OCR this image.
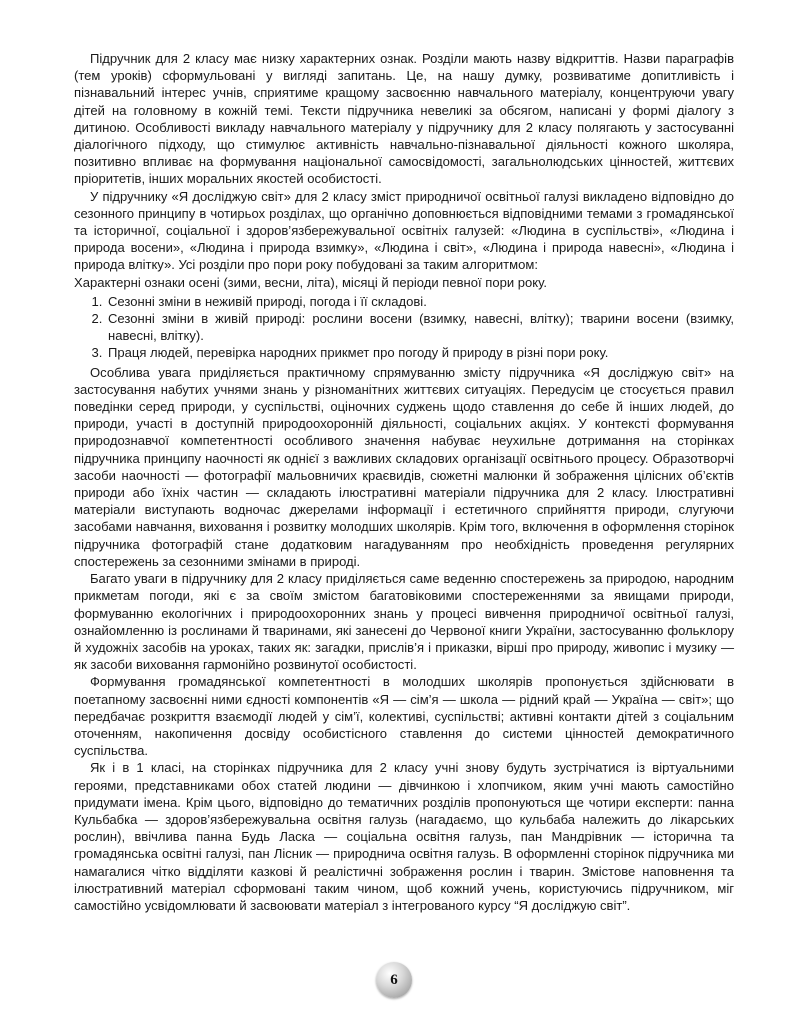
Підручник для 2 класу має низку характерних ознак. Розділи мають назву відкриттів. Назви параграфів (тем уроків) сформульовані у вигляді запитань. Це, на нашу думку, розвиватиме допитливість і пізнавальний інтерес учнів, сприятиме кращому засвоєнню навчального матеріалу, концентруючи увагу дітей на головному в кожній темі. Тексти підручника невеликі за обсягом, написані у формі діалогу з дитиною. Особливості викладу навчального матеріалу у підручнику для 2 класу полягають у застосуванні діалогічного підходу, що стимулює активність навчально-пізнавальної діяльності кожного школяра, позитивно впливає на формування національної самосвідомості, загальнолюдських цінностей, життєвих пріоритетів, інших моральних якостей особистості.

У підручнику «Я досліджую світ» для 2 класу зміст природничої освітньої галузі викладено відповідно до сезонного принципу в чотирьох розділах, що органічно доповнюється відповідними темами з громадянської та історичної, соціальної і здоров’язбережувальної освітніх галузей: «Людина в суспільстві», «Людина і природа восени», «Людина і природа взимку», «Людина і світ», «Людина і природа навесні», «Людина і природа влітку». Усі розділи про пори року побудовані за таким алгоритмом:

Характерні ознаки осені (зими, весни, літа), місяці й періоди певної пори року.

1. Сезонні зміни в неживій природі, погода і її складові.
2. Сезонні зміни в живій природі: рослини восени (взимку, навесні, влітку); тварини восени (взимку, навесні, влітку).
3. Праця людей, перевірка народних прикмет про погоду й природу в різні пори року.

Особлива увага приділяється практичному спрямуванню змісту підручника «Я досліджую світ» на застосування набутих учнями знань у різноманітних життєвих ситуаціях. Передусім це стосується правил поведінки серед природи, у суспільстві, оціночних суджень щодо ставлення до себе й інших людей, до природи, участі в доступній природоохоронній діяльності, соціальних акціях. У контексті формування природознавчої компетентності особливого значення набуває неухильне дотримання на сторінках підручника принципу наочності як однієї з важливих складових організації освітнього процесу. Образотворчі засоби наочності — фотографії мальовничих краєвидів, сюжетні малюнки й зображення цілісних об’єктів природи або їхніх частин — складають ілюстративні матеріали підручника для 2 класу. Ілюстративні матеріали виступають водночас джерелами інформації і естетичного сприйняття природи, слугуючи засобами навчання, виховання і розвитку молодших школярів. Крім того, включення в оформлення сторінок підручника фотографій стане додатковим нагадуванням про необхідність проведення регулярних спостережень за сезонними змінами в природі.

Багато уваги в підручнику для 2 класу приділяється саме веденню спостережень за природою, народним прикметам погоди, які є за своїм змістом багатовіковими спостереженнями за явищами природи, формуванню екологічних і природоохоронних знань у процесі вивчення природничої освітньої галузі, ознайомленню із рослинами й тваринами, які занесені до Червоної книги України, застосуванню фольклору й художніх засобів на уроках, таких як: загадки, прислів’я і приказки, вірші про природу, живопис і музику — як засоби виховання гармонійно розвинутої особистості.

Формування громадянської компетентності в молодших школярів пропонується здійснювати в поетапному засвоєнні ними єдності компонентів «Я — сім’я — школа — рідний край — Україна — світ»; що передбачає розкриття взаємодії людей у сім’ї, колективі, суспільстві; активні контакти дітей з соціальним оточенням, накопичення досвіду особистісного ставлення до системи цінностей демократичного суспільства.

Як і в 1 класі, на сторінках підручника для 2 класу учні знову будуть зустрічатися із віртуальними героями, представниками обох статей людини — дівчинкою і хлопчиком, яким учні мають самостійно придумати імена. Крім цього, відповідно до тематичних розділів пропонуються ще чотири експерти: панна Кульбабка — здоров’язбережувальна освітня галузь (нагадаємо, що кульбаба належить до лікарських рослин), ввічлива панна Будь Ласка — соціальна освітня галузь, пан Мандрівник — історична та громадянська освітні галузі, пан Лісник — природнича освітня галузь. В оформленні сторінок підручника ми намагалися чітко відділяти казкові й реалістичні зображення рослин і тварин. Змістове наповнення та ілюстративний матеріал сформовані таким чином, щоб кожний учень, користуючись підручником, міг самостійно усвідомлювати й засвоювати матеріал з інтегрованого курсу “Я досліджую світ”.

6
